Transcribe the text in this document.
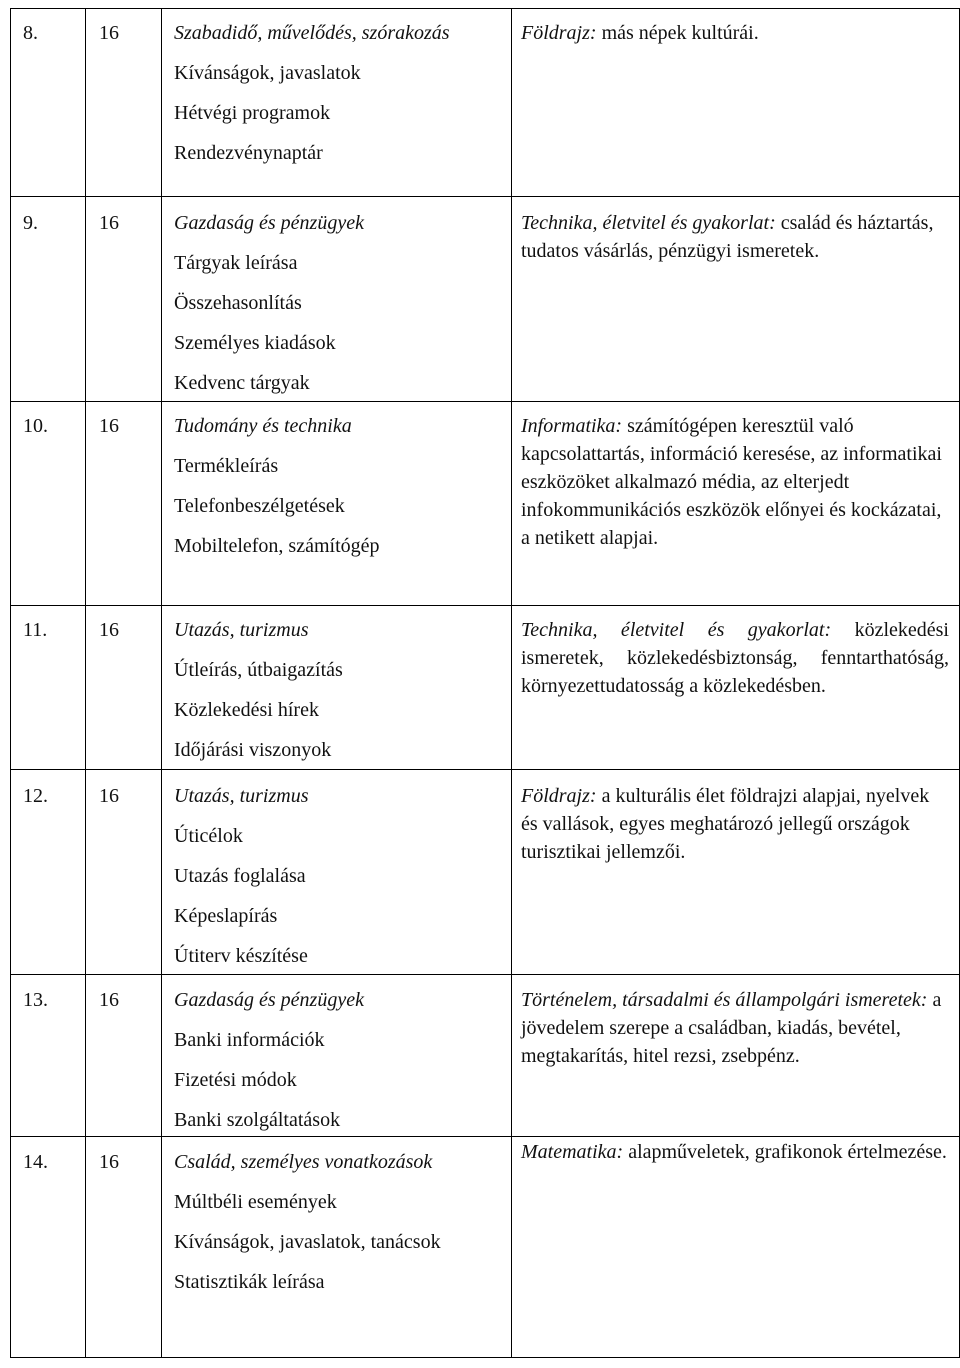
8.	16	Szabadidő, művelődés, szórakozás
Kívánságok, javaslatok
Hétvégi programok
Rendezvénynaptár

Földrajz: más népek kultúrái.

9.	16	Gazdaság és pénzügyek
Tárgyak leírása
Összehasonlítás
Személyes kiadások
Kedvenc tárgyak

Technika, életvitel és gyakorlat: család és háztartás, tudatos vásárlás, pénzügyi ismeretek.

10.	16	Tudomány és technika
Termékleírás
Telefonbeszélgetések
Mobiltelefon, számítógép

Informatika: számítógépen keresztül való kapcsolattartás, információ keresése, az informatikai eszközöket alkalmazó média, az elterjedt infokommunikációs eszközök előnyei és kockázatai, a netikett alapjai.

11.	16	Utazás, turizmus
Útleírás, útbaigazítás
Közlekedési hírek
Időjárási viszonyok

Technika, életvitel és gyakorlat: közlekedési ismeretek, közlekedésbiztonság, fenntarthatóság, környezettudatosság a közlekedésben.

12.	16	Utazás, turizmus
Úticélok
Utazás foglalása
Képeslapírás
Útiterv készítése

Földrajz: a kulturális élet földrajzi alapjai, nyelvek és vallások, egyes meghatározó jellegű országok turisztikai jellemzői.

13.	16	Gazdaság és pénzügyek
Banki információk
Fizetési módok
Banki szolgáltatások

Történelem, társadalmi és állampolgári ismeretek: a jövedelem szerepe a családban, kiadás, bevétel, megtakarítás, hitel rezsi, zsebpénz.

14.	16	Család, személyes vonatkozások
Múltbéli események
Kívánságok, javaslatok, tanácsok
Statisztikák leírása

Matematika: alapműveletek, grafikonok értelmezése.
